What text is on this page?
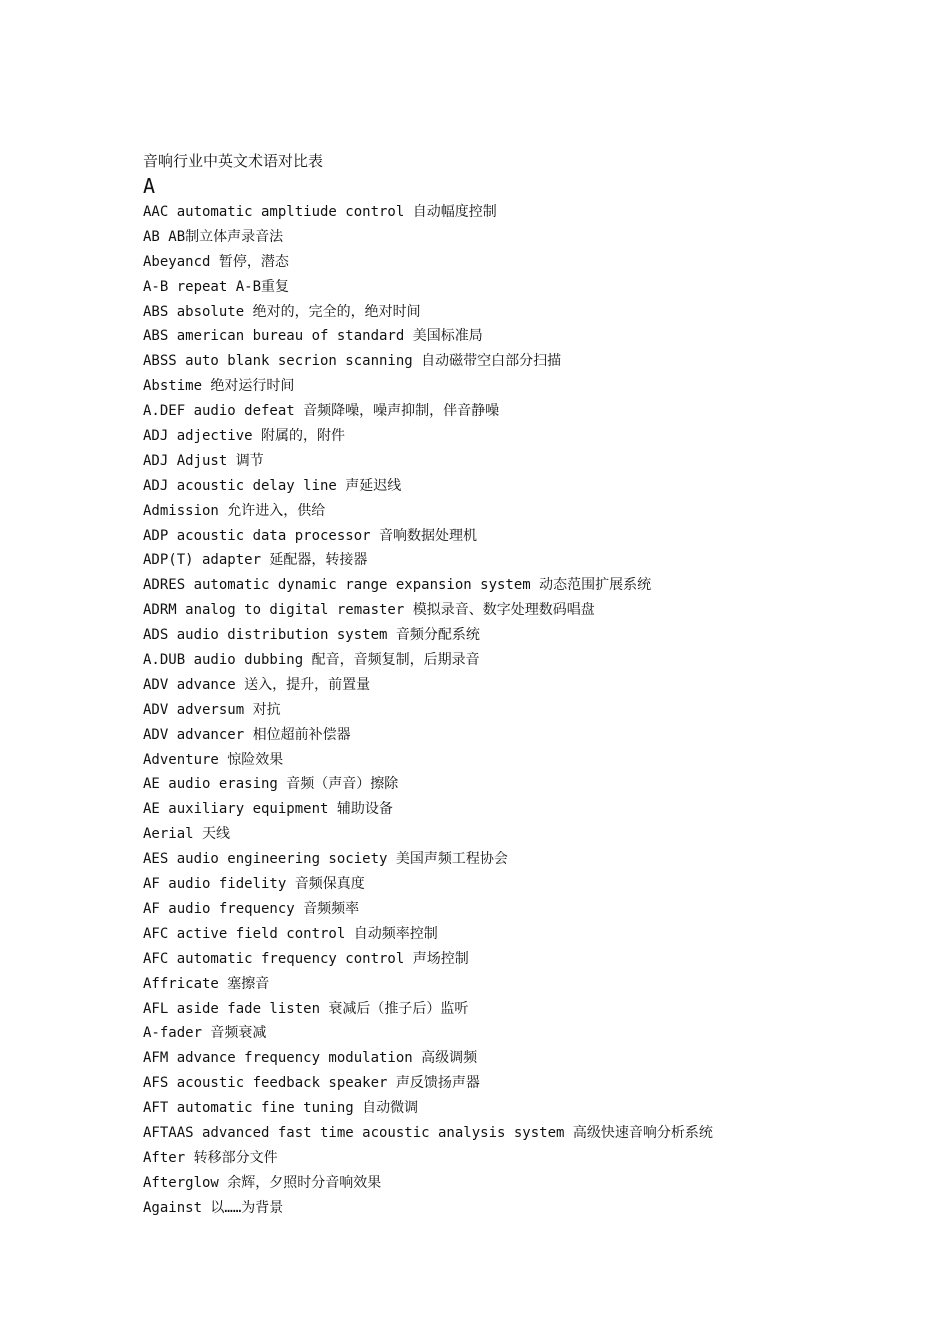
音响行业中英文术语对比表
A
AAC automatic ampltiude control 自动幅度控制
AB AB制立体声录音法
Abeyancd 暂停，潜态
A-B repeat A-B重复
ABS absolute 绝对的，完全的，绝对时间
ABS american bureau of standard 美国标准局
ABSS auto blank secrion scanning 自动磁带空白部分扫描
Abstime 绝对运行时间
A.DEF audio defeat 音频降噪，噪声抑制，伴音静噪
ADJ adjective 附属的，附件
ADJ Adjust 调节
ADJ acoustic delay line 声延迟线
Admission 允许进入，供给
ADP acoustic data processor 音响数据处理机
ADP(T) adapter 延配器，转接器
ADRES automatic dynamic range expansion system 动态范围扩展系统
ADRM analog to digital remaster 模拟录音、数字处理数码唱盘
ADS audio distribution system 音频分配系统
A.DUB audio dubbing 配音，音频复制，后期录音
ADV advance 送入，提升，前置量
ADV adversum 对抗
ADV advancer 相位超前补偿器
Adventure 惊险效果
AE audio erasing 音频（声音）擦除
AE auxiliary equipment 辅助设备
Aerial 天线
AES audio engineering society 美国声频工程协会
AF audio fidelity 音频保真度
AF audio frequency 音频频率
AFC active field control 自动频率控制
AFC automatic frequency control 声场控制
Affricate 塞擦音
AFL aside fade listen 衰减后（推子后）监听
A-fader 音频衰减
AFM advance frequency modulation 高级调频
AFS acoustic feedback speaker 声反馈扬声器
AFT automatic fine tuning 自动微调
AFTAAS advanced fast time acoustic analysis system 高级快速音响分析系统
After 转移部分文件
Afterglow 余辉，夕照时分音响效果
Against 以……为背景
